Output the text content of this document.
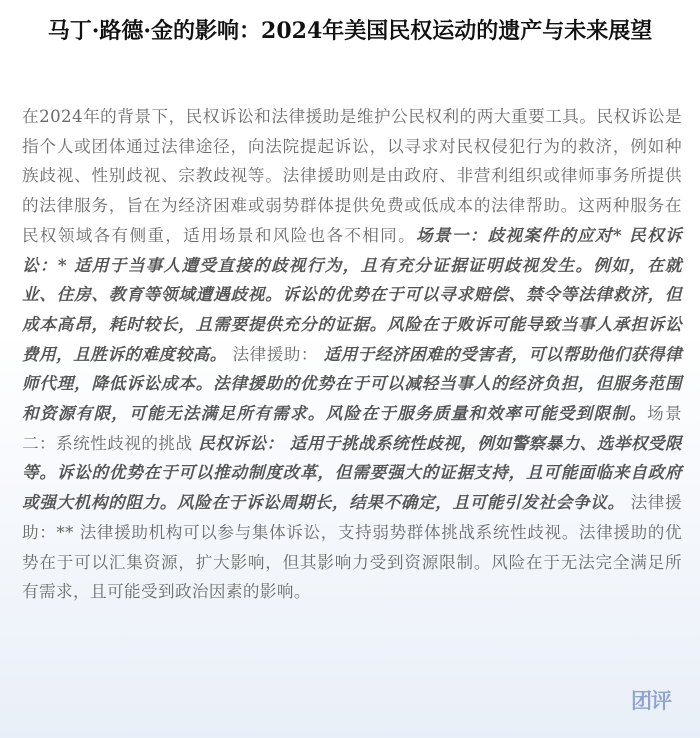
马丁·路德·金的影响：2024年美国民权运动的遗产与未来展望

在2024年的背景下，民权诉讼和法律援助是维护公民权利的两大重要工具。民权诉讼是指个人或团体通过法律途径，向法院提起诉讼，以寻求对民权侵犯行为的救济，例如种族歧视、性别歧视、宗教歧视等。法律援助则是由政府、非营利组织或律师事务所提供的法律服务，旨在为经济困难或弱势群体提供免费或低成本的法律帮助。这两种服务在民权领域各有侧重，适用场景和风险也各不相同。场景一：歧视案件的应对* 民权诉讼：* 适用于当事人遭受直接的歧视行为，且有充分证据证明歧视发生。例如，在就业、住房、教育等领域遭遇歧视。诉讼的优势在于可以寻求赔偿、禁令等法律救济，但成本高昂，耗时较长，且需要提供充分的证据。风险在于败诉可能导致当事人承担诉讼费用，且胜诉的难度较高。 法律援助： 适用于经济困难的受害者，可以帮助他们获得律师代理，降低诉讼成本。法律援助的优势在于可以减轻当事人的经济负担，但服务范围和资源有限，可能无法满足所有需求。风险在于服务质量和效率可能受到限制。场景二：系统性歧视的挑战 民权诉讼： 适用于挑战系统性歧视，例如警察暴力、选举权受限等。诉讼的优势在于可以推动制度改革，但需要强大的证据支持，且可能面临来自政府或强大机构的阻力。风险在于诉讼周期长，结果不确定，且可能引发社会争议。 法律援助：** 法律援助机构可以参与集体诉讼，支持弱势群体挑战系统性歧视。法律援助的优势在于可以汇集资源，扩大影响，但其影响力受到资源限制。风险在于无法完全满足所有需求，且可能受到政治因素的影响。

团评
